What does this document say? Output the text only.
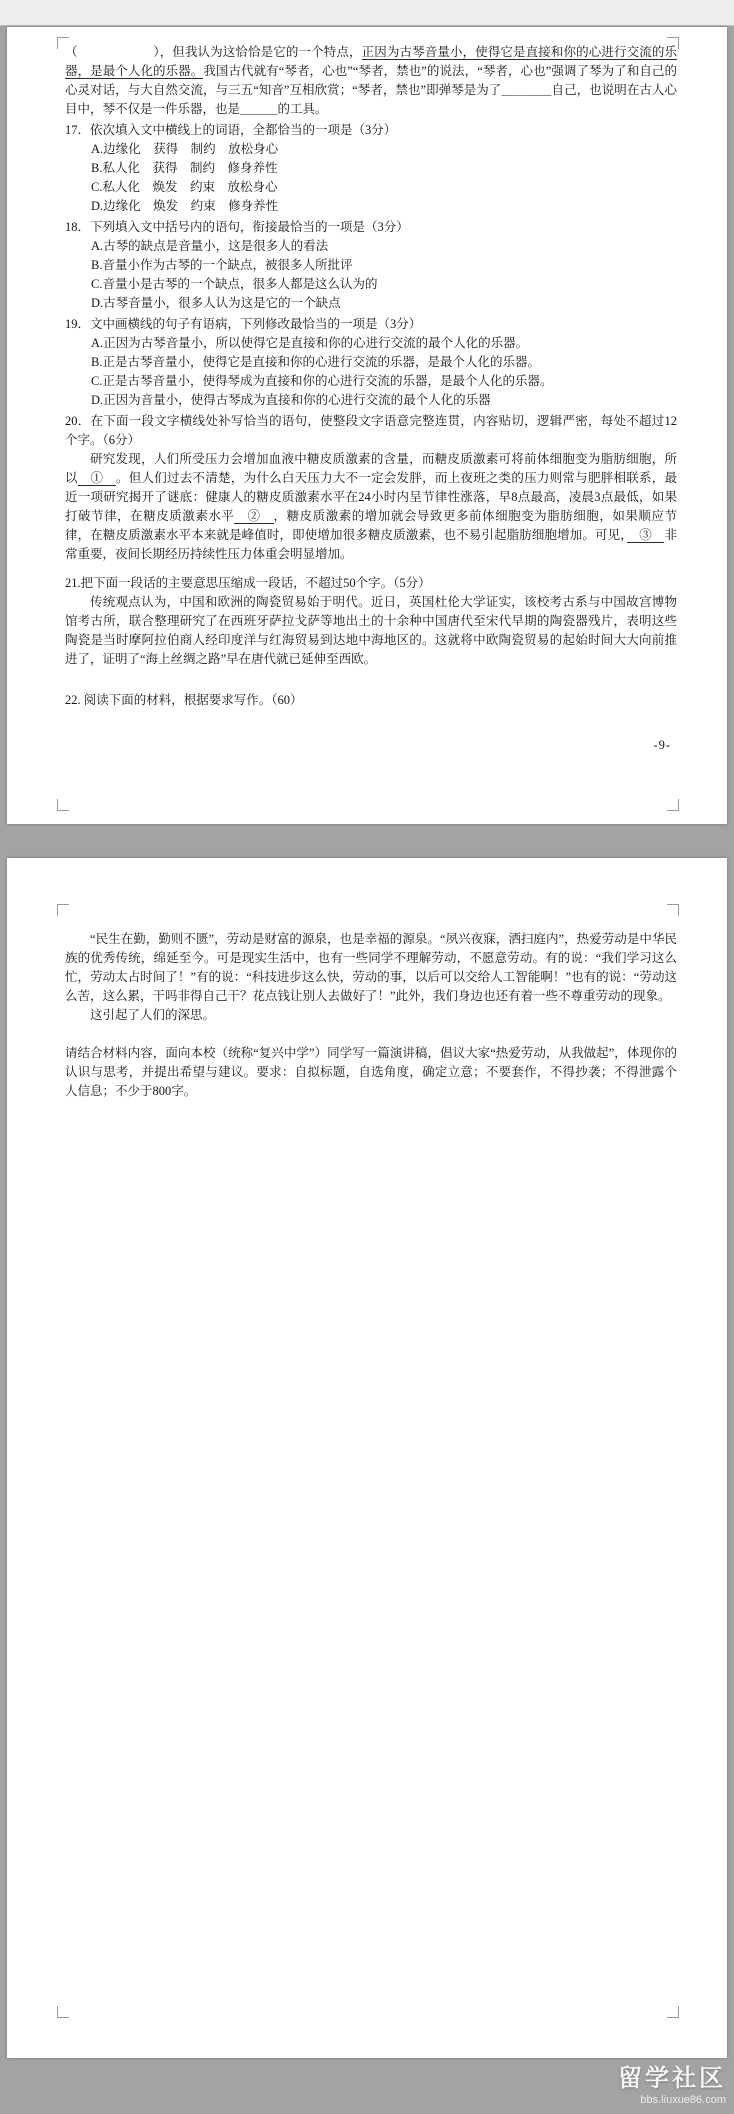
（　　　　　　），但我认为这恰恰是它的一个特点，正因为古琴音量小，使得它是直接和你的心进行交流的乐器，是最个人化的乐器。我国古代就有“琴者，心也”“琴者，禁也”的说法，“琴者，心也”强调了琴为了和自己的心灵对话，与大自然交流，与三五“知音”互相欣赏；“琴者，禁也”即弹琴是为了＿＿＿＿自己，也说明在古人心目中，琴不仅是一件乐器，也是＿＿＿的工具。

17．依次填入文中横线上的词语，全都恰当的一项是（3分）

A.边缘化　获得　制约　放松身心

B.私人化　获得　制约　修身养性

C.私人化　焕发　约束　放松身心

D.边缘化　焕发　约束　修身养性

18．下列填入文中括号内的语句，衔接最恰当的一项是（3分）

A.古琴的缺点是音量小，这是很多人的看法

B.音量小作为古琴的一个缺点，被很多人所批评

C.音量小是古琴的一个缺点，很多人都是这么认为的

D.古琴音量小，很多人认为这是它的一个缺点

19．文中画横线的句子有语病，下列修改最恰当的一项是（3分）

A.正因为古琴音量小，所以使得它是直接和你的心进行交流的最个人化的乐器。

B.正是古琴音量小，使得它是直接和你的心进行交流的乐器，是最个人化的乐器。

C.正是古琴音量小，使得琴成为直接和你的心进行交流的乐器，是最个人化的乐器。

D.正因为音量小，使得古琴成为直接和你的心进行交流的最个人化的乐器

20．在下面一段文字横线处补写恰当的语句，使整段文字语意完整连贯，内容贴切，逻辑严密，每处不超过12个字。（6分）

研究发现，人们所受压力会增加血液中糖皮质激素的含量，而糖皮质激素可将前体细胞变为脂肪细胞，所以　①　。但人们过去不清楚，为什么白天压力大不一定会发胖，而上夜班之类的压力则常与肥胖相联系，最近一项研究揭开了谜底：健康人的糖皮质激素水平在24小时内呈节律性涨落，早8点最高，凌晨3点最低，如果打破节律，在糖皮质激素水平　②　，糖皮质激素的增加就会导致更多前体细胞变为脂肪细胞，如果顺应节律，在糖皮质激素水平本来就是峰值时，即使增加很多糖皮质激素，也不易引起脂肪细胞增加。可见，　③　非常重要，夜间长期经历持续性压力体重会明显增加。

21.把下面一段话的主要意思压缩成一段话，不超过50个字。（5分）

传统观点认为，中国和欧洲的陶瓷贸易始于明代。近日，英国杜伦大学证实，该校考古系与中国故宫博物馆考古所，联合整理研究了在西班牙萨拉戈萨等地出土的十余种中国唐代至宋代早期的陶瓷器残片，表明这些陶瓷是当时摩阿拉伯商人经印度洋与红海贸易到达地中海地区的。这就将中欧陶瓷贸易的起始时间大大向前推进了，证明了“海上丝绸之路”早在唐代就已延伸至西欧。

22. 阅读下面的材料，根据要求写作。（60）

-9-

“民生在勤，勤则不匮”，劳动是财富的源泉，也是幸福的源泉。“夙兴夜寐，洒扫庭内”，热爱劳动是中华民族的优秀传统，绵延至今。可是现实生活中，也有一些同学不理解劳动，不愿意劳动。有的说：“我们学习这么忙，劳动太占时间了！”有的说：“科技进步这么快，劳动的事，以后可以交给人工智能啊！”也有的说：“劳动这么苦，这么累，干吗非得自己干？花点钱让别人去做好了！”此外，我们身边也还有着一些不尊重劳动的现象。

这引起了人们的深思。

请结合材料内容，面向本校（统称“复兴中学”）同学写一篇演讲稿，倡议大家“热爱劳动，从我做起”，体现你的认识与思考，并提出希望与建议。要求：自拟标题，自选角度，确定立意；不要套作，不得抄袭；不得泄露个人信息；不少于800字。

留学社区
bbs.liuxue86.com
